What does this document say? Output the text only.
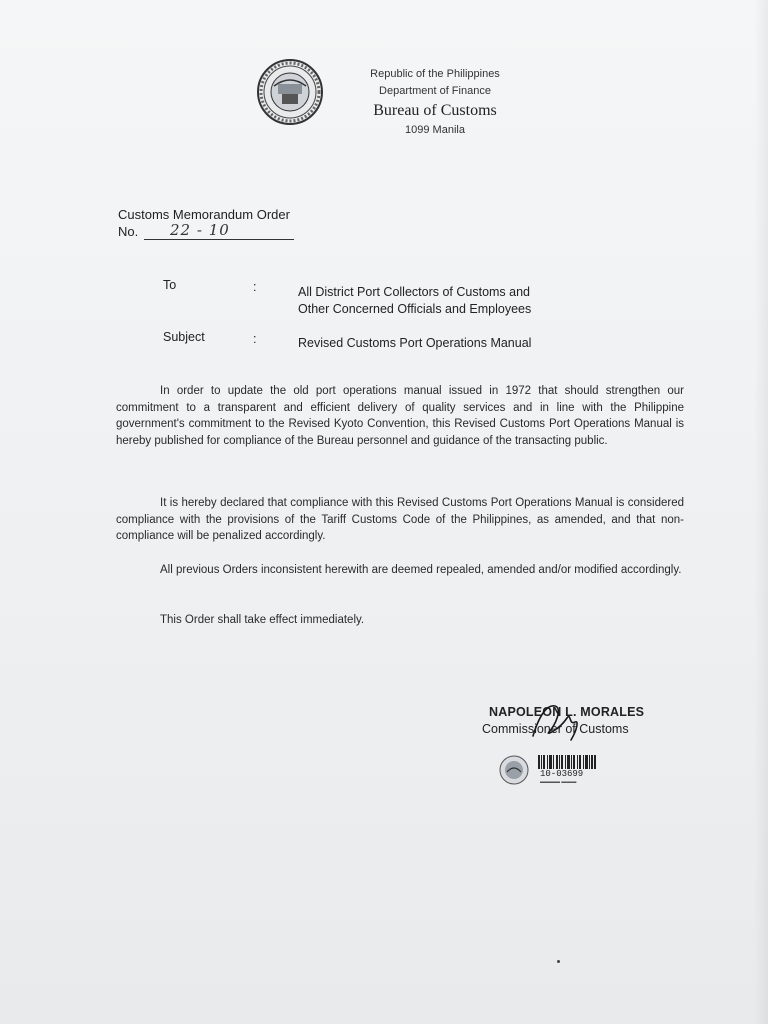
Republic of the Philippines
Department of Finance
Bureau of Customs
1099 Manila
Customs Memorandum Order
No. 22 - 10
To	:	All District Port Collectors of Customs and
Other Concerned Officials and Employees
Subject	:	Revised Customs Port Operations Manual
In order to update the old port operations manual issued in 1972 that should strengthen our commitment to a transparent and efficient delivery of quality services and in line with the Philippine government's commitment to the Revised Kyoto Convention, this Revised Customs Port Operations Manual is hereby published for compliance of the Bureau personnel and guidance of the transacting public.
It is hereby declared that compliance with this Revised Customs Port Operations Manual is considered compliance with the provisions of the Tariff Customs Code of the Philippines, as amended, and that non-compliance will be penalized accordingly.
All previous Orders inconsistent herewith are deemed repealed, amended and/or modified accordingly.
This Order shall take effect immediately.
NAPOLEON L. MORALES
Commissioner of Customs
10-03699
▬▬▬▬ ▬▬▬
